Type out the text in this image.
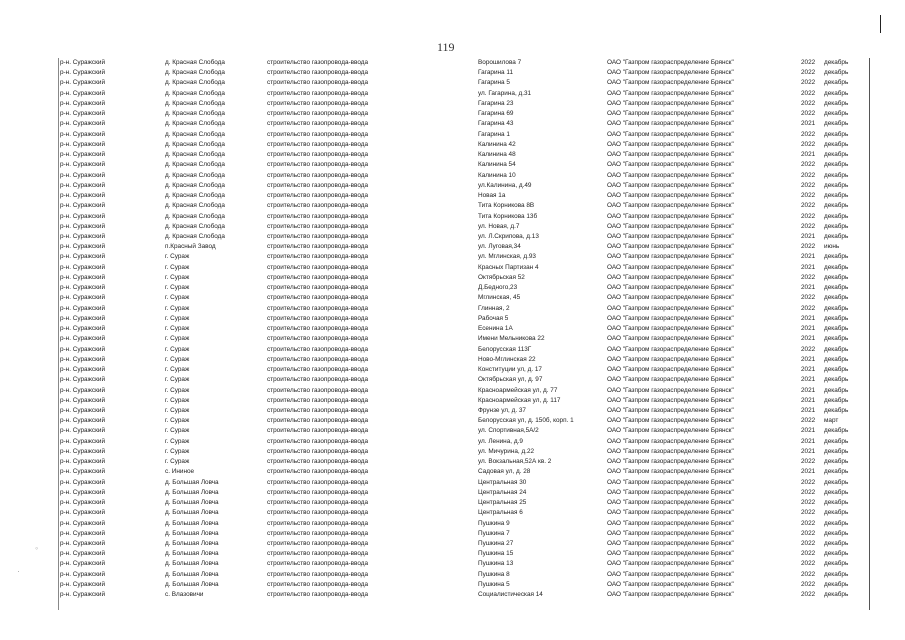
119
◦
·
р-н. Суражский	д. Красная Слобода	строительство газопровода-ввода	Ворошилова 7	ОАО "Газпром газораспределение Брянск"	2022	декабрь
р-н. Суражский	д. Красная Слобода	строительство газопровода-ввода	Гагарина 11	ОАО "Газпром газораспределение Брянск"	2022	декабрь
р-н. Суражский	д. Красная Слобода	строительство газопровода-ввода	Гагарина 5	ОАО "Газпром газораспределение Брянск"	2022	декабрь
р-н. Суражский	д. Красная Слобода	строительство газопровода-ввода	ул. Гагарина, д.31	ОАО "Газпром газораспределение Брянск"	2022	декабрь
р-н. Суражский	д. Красная Слобода	строительство газопровода-ввода	Гагарина 23	ОАО "Газпром газораспределение Брянск"	2022	декабрь
р-н. Суражский	д. Красная Слобода	строительство газопровода-ввода	Гагарина 69	ОАО "Газпром газораспределение Брянск"	2022	декабрь
р-н. Суражский	д. Красная Слобода	строительство газопровода-ввода	Гагарина 43	ОАО "Газпром газораспределение Брянск"	2021	декабрь
р-н. Суражский	д. Красная Слобода	строительство газопровода-ввода	Гагарина 1	ОАО "Газпром газораспределение Брянск"	2022	декабрь
р-н. Суражский	д. Красная Слобода	строительство газопровода-ввода	Калинина 42	ОАО "Газпром газораспределение Брянск"	2022	декабрь
р-н. Суражский	д. Красная Слобода	строительство газопровода-ввода	Калинина 48	ОАО "Газпром газораспределение Брянск"	2021	декабрь
р-н. Суражский	д. Красная Слобода	строительство газопровода-ввода	Калинина 54	ОАО "Газпром газораспределение Брянск"	2022	декабрь
р-н. Суражский	д. Красная Слобода	строительство газопровода-ввода	Калинина 10	ОАО "Газпром газораспределение Брянск"	2022	декабрь
р-н. Суражский	д. Красная Слобода	строительство газопровода-ввода	ул.Калинина, д.49	ОАО "Газпром газораспределение Брянск"	2022	декабрь
р-н. Суражский	д. Красная Слобода	строительство газопровода-ввода	Новая 1а	ОАО "Газпром газораспределение Брянск"	2022	декабрь
р-н. Суражский	д. Красная Слобода	строительство газопровода-ввода	Тита Корникова 8В	ОАО "Газпром газораспределение Брянск"	2022	декабрь
р-н. Суражский	д. Красная Слобода	строительство газопровода-ввода	Тита Корникова 13б	ОАО "Газпром газораспределение Брянск"	2022	декабрь
р-н. Суражский	д. Красная Слобода	строительство газопровода-ввода	ул. Новая, д.7	ОАО "Газпром газораспределение Брянск"	2022	декабрь
р-н. Суражский	д. Красная Слобода	строительство газопровода-ввода	ул. Л.Скрипова, д.13	ОАО "Газпром газораспределение Брянск"	2021	декабрь
р-н. Суражский	п.Красный Завод	строительство газопровода-ввода	ул. Луговая,34	ОАО "Газпром газораспределение Брянск"	2022	июнь
р-н. Суражский	г. Сураж	строительство газопровода-ввода	ул. Мглинская, д.93	ОАО "Газпром газораспределение Брянск"	2021	декабрь
р-н. Суражский	г. Сураж	строительство газопровода-ввода	Красных Партизан 4	ОАО "Газпром газораспределение Брянск"	2021	декабрь
р-н. Суражский	г. Сураж	строительство газопровода-ввода	Октябрьская 52	ОАО "Газпром газораспределение Брянск"	2022	декабрь
р-н. Суражский	г. Сураж	строительство газопровода-ввода	Д.Бедного,23	ОАО "Газпром газораспределение Брянск"	2021	декабрь
р-н. Суражский	г. Сураж	строительство газопровода-ввода	Мглинская, 45	ОАО "Газпром газораспределение Брянск"	2022	декабрь
р-н. Суражский	г. Сураж	строительство газопровода-ввода	Глинная, 2	ОАО "Газпром газораспределение Брянск"	2022	декабрь
р-н. Суражский	г. Сураж	строительство газопровода-ввода	Рабочая 5	ОАО "Газпром газораспределение Брянск"	2021	декабрь
р-н. Суражский	г. Сураж	строительство газопровода-ввода	Есенина 1А	ОАО "Газпром газораспределение Брянск"	2021	декабрь
р-н. Суражский	г. Сураж	строительство газопровода-ввода	Имени Мельникова 22	ОАО "Газпром газораспределение Брянск"	2021	декабрь
р-н. Суражский	г. Сураж	строительство газопровода-ввода	Белорусская 113Г	ОАО "Газпром газораспределение Брянск"	2022	декабрь
р-н. Суражский	г. Сураж	строительство газопровода-ввода	Ново-Мглинская 22	ОАО "Газпром газораспределение Брянск"	2021	декабрь
р-н. Суражский	г. Сураж	строительство газопровода-ввода	Конституции ул, д. 17	ОАО "Газпром газораспределение Брянск"	2021	декабрь
р-н. Суражский	г. Сураж	строительство газопровода-ввода	Октябрьская ул, д. 97	ОАО "Газпром газораспределение Брянск"	2021	декабрь
р-н. Суражский	г. Сураж	строительство газопровода-ввода	Красноармейская ул, д. 77	ОАО "Газпром газораспределение Брянск"	2021	декабрь
р-н. Суражский	г. Сураж	строительство газопровода-ввода	Красноармейская ул, д. 117	ОАО "Газпром газораспределение Брянск"	2021	декабрь
р-н. Суражский	г. Сураж	строительство газопровода-ввода	Фрунзе ул, д. 37	ОАО "Газпром газораспределение Брянск"	2021	декабрь
р-н. Суражский	г. Сураж	строительство газопровода-ввода	Белорусская ул, д. 150б, корп. 1	ОАО "Газпром газораспределение Брянск"	2022	март
р-н. Суражский	г. Сураж	строительство газопровода-ввода	ул. Спортивная,5А/2	ОАО "Газпром газораспределение Брянск"	2021	декабрь
р-н. Суражский	г. Сураж	строительство газопровода-ввода	ул. Ленина, д.9	ОАО "Газпром газораспределение Брянск"	2021	декабрь
р-н. Суражский	г. Сураж	строительство газопровода-ввода	ул. Мичурина, д.22	ОАО "Газпром газораспределение Брянск"	2021	декабрь
р-н. Суражский	г. Сураж	строительство газопровода-ввода	ул. Вокзальная,52А кв. 2	ОАО "Газпром газораспределение Брянск"	2022	декабрь
р-н. Суражский	с. Ининое	строительство газопровода-ввода	Садовая ул, д. 28	ОАО "Газпром газораспределение Брянск"	2021	декабрь
р-н. Суражский	д. Большая Ловча	строительство газопровода-ввода	Центральная 30	ОАО "Газпром газораспределение Брянск"	2022	декабрь
р-н. Суражский	д. Большая Ловча	строительство газопровода-ввода	Центральная 24	ОАО "Газпром газораспределение Брянск"	2022	декабрь
р-н. Суражский	д. Большая Ловча	строительство газопровода-ввода	Центральная 25	ОАО "Газпром газораспределение Брянск"	2022	декабрь
р-н. Суражский	д. Большая Ловча	строительство газопровода-ввода	Центральная 6	ОАО "Газпром газораспределение Брянск"	2022	декабрь
р-н. Суражский	д. Большая Ловча	строительство газопровода-ввода	Пушкина 9	ОАО "Газпром газораспределение Брянск"	2022	декабрь
р-н. Суражский	д. Большая Ловча	строительство газопровода-ввода	Пушкина 7	ОАО "Газпром газораспределение Брянск"	2022	декабрь
р-н. Суражский	д. Большая Ловча	строительство газопровода-ввода	Пушкина 27	ОАО "Газпром газораспределение Брянск"	2022	декабрь
р-н. Суражский	д. Большая Ловча	строительство газопровода-ввода	Пушкина 15	ОАО "Газпром газораспределение Брянск"	2022	декабрь
р-н. Суражский	д. Большая Ловча	строительство газопровода-ввода	Пушкина 13	ОАО "Газпром газораспределение Брянск"	2022	декабрь
р-н. Суражский	д. Большая Ловча	строительство газопровода-ввода	Пушкина 8	ОАО "Газпром газораспределение Брянск"	2022	декабрь
р-н. Суражский	д. Большая Ловча	строительство газопровода-ввода	Пушкина 5	ОАО "Газпром газораспределение Брянск"	2022	декабрь
р-н. Суражский	с. Влазовичи	строительство газопровода-ввода	Социалистическая 14	ОАО "Газпром газораспределение Брянск"	2022	декабрь
